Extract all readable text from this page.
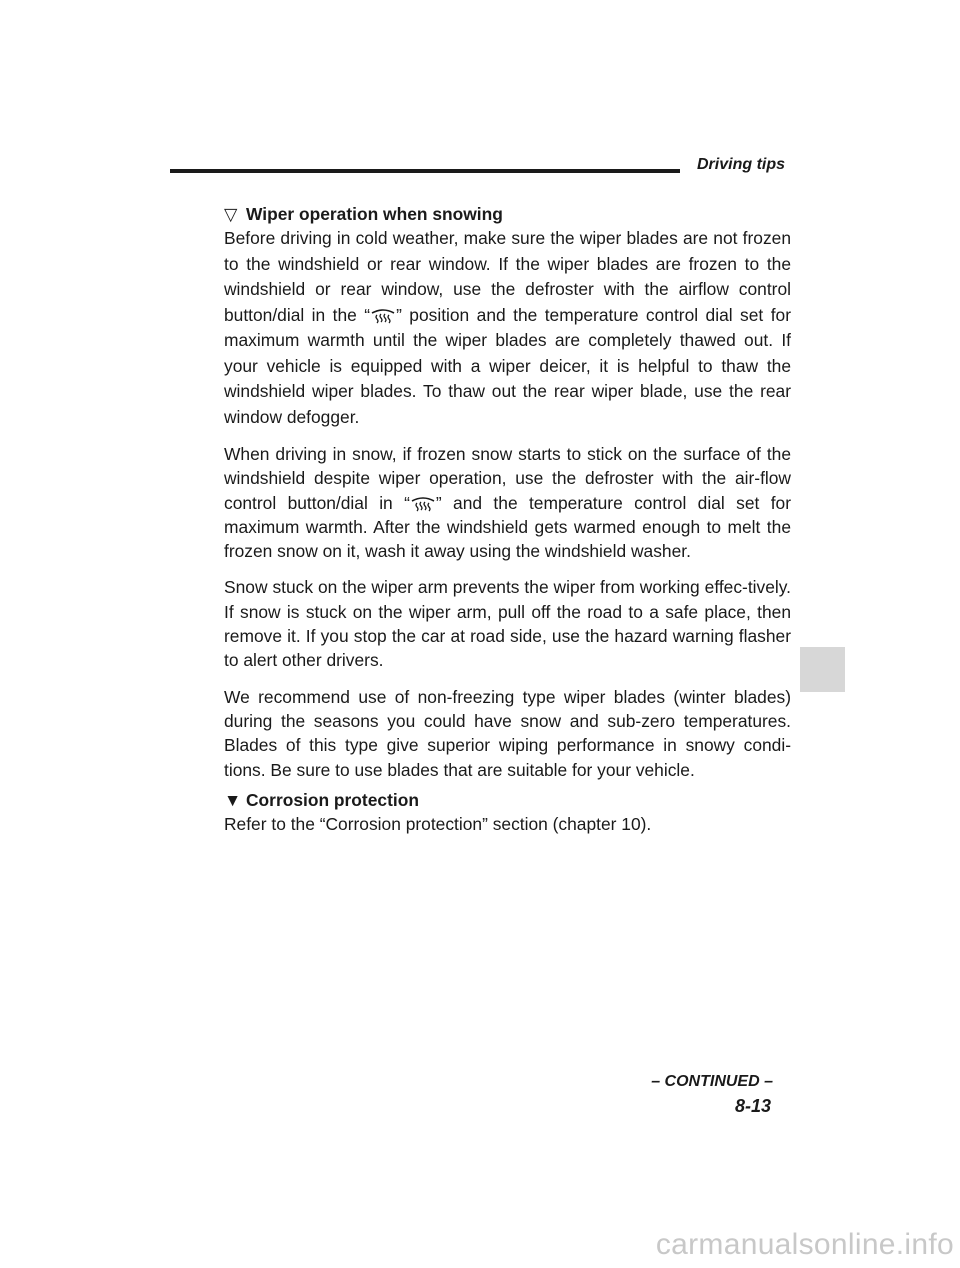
Driving tips
▽ Wiper operation when snowing

Before driving in cold weather, make sure the wiper blades are not frozen to the windshield or rear window. If the wiper blades are frozen to the windshield or rear window, use the defroster with the airflow control button/dial in the “ ” position and the temperature control dial set for maximum warmth until the wiper blades are completely thawed out. If your vehicle is equipped with a wiper deicer, it is helpful to thaw the windshield wiper blades. To thaw out the rear wiper blade, use the rear window defogger.

When driving in snow, if frozen snow starts to stick on the surface of the windshield despite wiper operation, use the defroster with the air-flow control button/dial in “ ” and the temperature control dial set for maximum warmth. After the windshield gets warmed enough to melt the frozen snow on it, wash it away using the windshield washer.

Snow stuck on the wiper arm prevents the wiper from working effec-tively. If snow is stuck on the wiper arm, pull off the road to a safe place, then remove it. If you stop the car at road side, use the hazard warning flasher to alert other drivers.

We recommend use of non-freezing type wiper blades (winter blades) during the seasons you could have snow and sub-zero temperatures. Blades of this type give superior wiping performance in snowy condi-tions. Be sure to use blades that are suitable for your vehicle.

▼ Corrosion protection

Refer to the “Corrosion protection” section (chapter 10).

– CONTINUED –
8-13
carmanualsonline.info
